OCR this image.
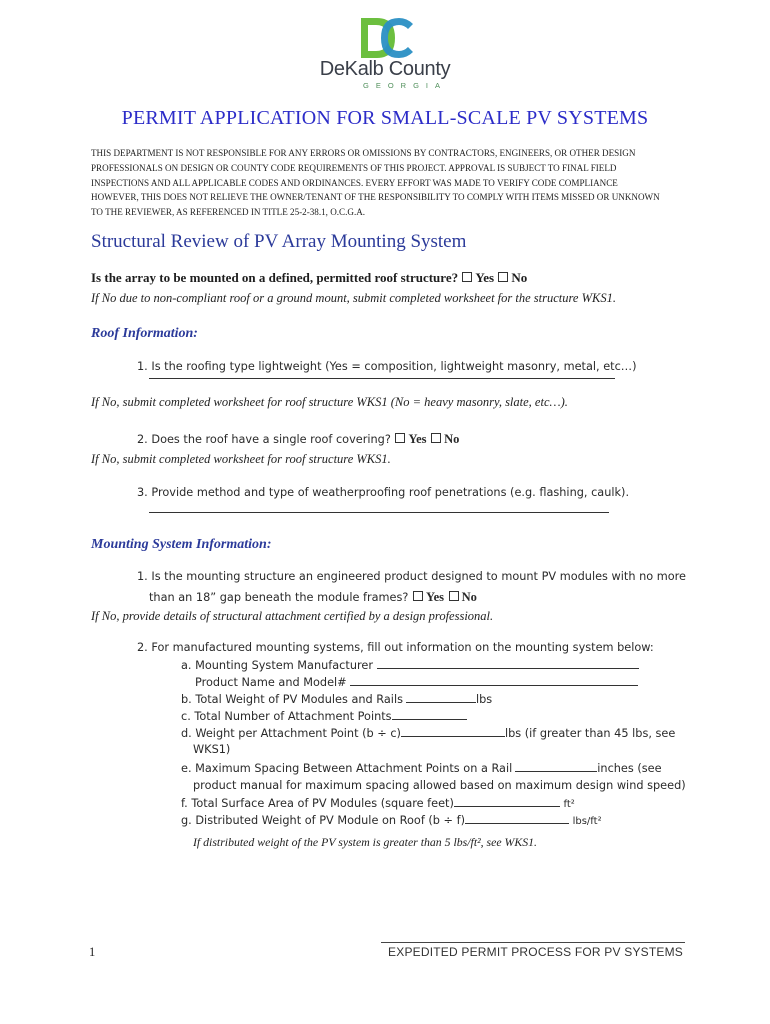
DeKalb County
GEORGIA
PERMIT APPLICATION FOR SMALL-SCALE PV SYSTEMS
THIS DEPARTMENT IS NOT RESPONSIBLE FOR ANY ERRORS OR OMISSIONS BY CONTRACTORS, ENGINEERS, OR OTHER DESIGN PROFESSIONALS ON DESIGN OR COUNTY CODE REQUIREMENTS OF THIS PROJECT. APPROVAL IS SUBJECT TO FINAL FIELD INSPECTIONS AND ALL APPLICABLE CODES AND ORDINANCES. EVERY EFFORT WAS MADE TO VERIFY CODE COMPLIANCE HOWEVER, THIS DOES NOT RELIEVE THE OWNER/TENANT OF THE RESPONSIBILITY TO COMPLY WITH ITEMS MISSED OR UNKNOWN TO THE REVIEWER, AS REFERENCED IN TITLE 25-2-38.1, O.C.G.A.
Structural Review of PV Array Mounting System
Is the array to be mounted on a defined, permitted roof structure? Yes No
If No due to non-compliant roof or a ground mount, submit completed worksheet for the structure WKS1.
Roof Information:
1. Is the roofing type lightweight (Yes = composition, lightweight masonry, metal, etc…)
If No, submit completed worksheet for roof structure WKS1 (No = heavy masonry, slate, etc…).
2. Does the roof have a single roof covering? Yes No
If No, submit completed worksheet for roof structure WKS1.
3. Provide method and type of weatherproofing roof penetrations (e.g. flashing, caulk).
Mounting System Information:
1. Is the mounting structure an engineered product designed to mount PV modules with no more
than an 18” gap beneath the module frames? Yes No
If No, provide details of structural attachment certified by a design professional.
2. For manufactured mounting systems, fill out information on the mounting system below:
a. Mounting System Manufacturer
Product Name and Model#
b. Total Weight of PV Modules and Rails	lbs
c. Total Number of Attachment Points
d. Weight per Attachment Point (b ÷ c)	lbs (if greater than 45 lbs, see
WKS1)
e. Maximum Spacing Between Attachment Points on a Rail	inches (see
product manual for maximum spacing allowed based on maximum design wind speed)
f. Total Surface Area of PV Modules (square feet)	ft²
g. Distributed Weight of PV Module on Roof (b ÷ f)	lbs/ft²
If distributed weight of the PV system is greater than 5 lbs/ft², see WKS1.
1	EXPEDITED PERMIT PROCESS FOR PV SYSTEMS
